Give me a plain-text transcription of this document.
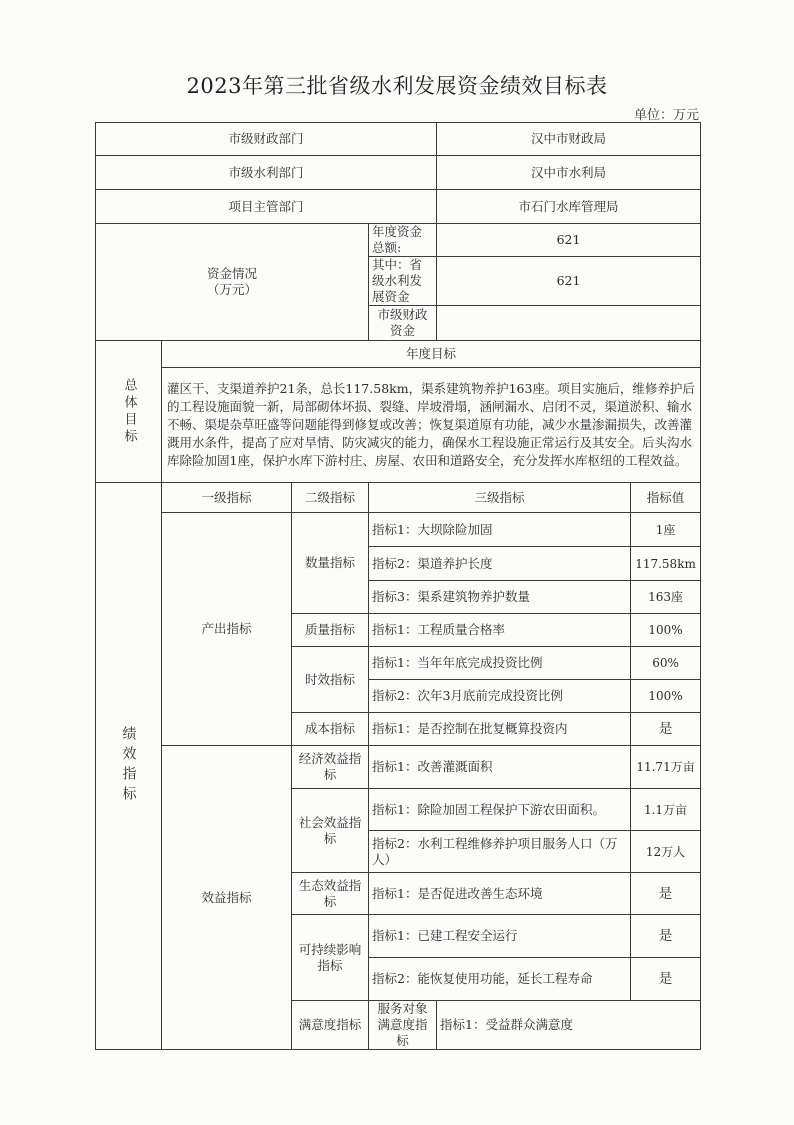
2023年第三批省级水利发展资金绩效目标表
单位：万元
市级财政部门				汉中市财政局		
市级水利部门				汉中市水利局		
项目主管部门				市石门水库管理局		
资金情况
（万元）			年度资金总额:	621		
			其中：省级水利发展资金	621		
			市级财政资金			
总体目标	年度目标					
	灌区干、支渠道养护21条，总长117.58km，渠系建筑物养护163座。项目实施后，维修养护后的工程设施面貌一新，局部砌体坏损、裂缝、岸坡滑塌，涵闸漏水、启闭不灵，渠道淤积、输水不畅、渠堤杂草旺盛等问题能得到修复或改善；恢复渠道原有功能，减少水量渗漏损失，改善灌溉用水条件，提高了应对旱情、防灾减灾的能力，确保水工程设施正常运行及其安全。后头沟水库除险加固1座，保护水库下游村庄、房屋、农田和道路安全，充分发挥水库枢纽的工程效益。					
绩效指标	一级指标	二级指标	三级指标		指标值	
	产出指标	数量指标	指标1：大坝除险加固		1座	
			指标2：渠道养护长度		117.58km	
			指标3：渠系建筑物养护数量		163座	
		质量指标	指标1：工程质量合格率		100%	
		时效指标	指标1：当年年底完成投资比例		60%	
			指标2：次年3月底前完成投资比例		100%	
		成本指标	指标1：是否控制在批复概算投资内		是	
	效益指标	经济效益指标	指标1：改善灌溉面积		11.71万亩	
		社会效益指标	指标1：除险加固工程保护下游农田面积。		1.1万亩	
			指标2：水利工程维修养护项目服务人口（万人）		12万人	
		生态效益指标	指标1：是否促进改善生态环境		是	
		可持续影响指标	指标1：已建工程安全运行		是	
			指标2：能恢复使用功能，延长工程寿命		是	
		满意度指标	服务对象满意度指标	指标1：受益群众满意度	
